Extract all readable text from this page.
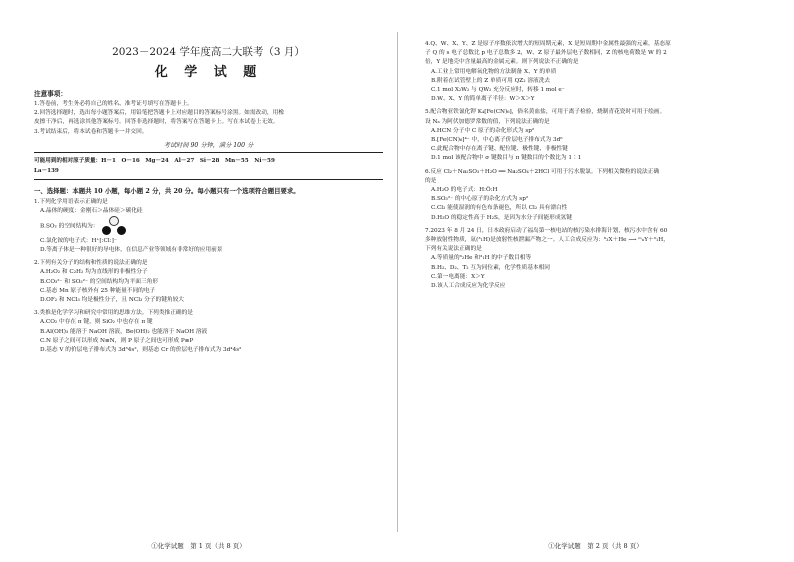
2023－2024 学年度高二大联考（3 月）
化 学 试 题
注意事项：
1.答卷前，考生务必将自己的姓名、准考证号填写在答题卡上。
2.回答选择题时，选出每小题答案后，用铅笔把答题卡上对应题目的答案标号涂黑。如需改动，用橡
皮擦干净后，再选涂其他答案标号。回答非选择题时，将答案写在答题卡上。写在本试卷上无效。
3.考试结束后，将本试卷和答题卡一并交回。
考试时间 90 分钟，满分 100 分
可能用到的相对原子质量：H－1　O－16　Mg－24　Al－27　Si－28　Mn－55　Ni－59
La－139
一、选择题：本题共 10 小题，每小题 2 分，共 20 分。每小题只有一个选项符合题目要求。
1.下列化学用语表示正确的是
A.晶体的硬度：金刚石＞晶体硅＞碳化硅
B.SO₂ 的空间结构为：
C.氯化铵的电子式：H⁺[:Cl:]⁻
D.等离子体是一种很好的导电体，在信息产业等领域有非常好的应用前景
2.下列有关分子的结构和性质的说法正确的是
A.H₂O₂ 和 C₂H₂ 均为直线形的非极性分子
B.CO₃²⁻ 和 SO₃²⁻ 的空间结构均为平面三角形
C.基态 Mn 原子核外有 25 种能量不同的电子
D.OF₂ 和 NCl₃ 均是极性分子，且 NCl₃ 分子的键角较大
3.类推是化学学习和研究中常用的思维方法。下列类推正确的是
A.CO₂ 中存在 π 键，则 SiO₂ 中也存在 π 键
B.Al(OH)₃ 能溶于 NaOH 溶液，Be(OH)₂ 也能溶于 NaOH 溶液
C.N 原子之间可以形成 N≡N，则 P 原子之间也可形成 P≡P
D.基态 V 的价层电子排布式为 3d³4s²，则基态 Cr 的价层电子排布式为 3d⁴4s²
①化学试题　第 1 页（共 8 页）
4.Q、W、X、Y、Z 是原子序数依次增大的短周期元素，X 是短周期中金属性最强的元素，基态原
子 Q 的 s 电子总数比 p 电子总数多 2，W、Z 原子最外层电子数相同，Z 的核电荷数是 W 的 2
倍，Y 是地壳中含量最高的金属元素。则下列说法不正确的是
A.工业上常用电解氧化物的方法制备 X、Y 的单质
B.附着在试管壁上的 Z 单质可用 QZ₂ 溶液洗去
C.1 mol X₂W₂ 与 QW₂ 充分反应时，转移 1 mol e⁻
D.W、X、Y 的简单离子半径：W＞X＞Y
5.配合物亚铁氰化钾 K₄[Fe(CN)₆]，俗名黄血盐，可用于离子检验，烧制青花瓷时可用于绘画。
设 Nₐ 为阿伏加德罗常数的值，下列说法正确的是
A.HCN 分子中 C 原子的杂化形式为 sp²
B.[Fe(CN)₆]⁴⁻ 中，中心离子价层电子排布式为 3d⁶
C.此配合物中存在离子键、配位键、极性键、非极性键
D.1 mol 该配合物中 σ 键数目与 π 键数目的个数比为 1∶1
6.反应 Cl₂＋Na₂SO₃＋H₂O ══ Na₂SO₄＋2HCl 可用于污水脱氯。下列相关微粒的说法正确
的是
A.H₂O 的电子式：H:Ö:H
B.SO₃²⁻ 的中心原子的杂化方式为 sp²
C.Cl₂ 能使湿润的有色布条褪色，所以 Cl₂ 具有漂白性
D.H₂O 的稳定性高于 H₂S，是因为水分子间能形成氢键
7.2023 年 8 月 24 日，日本政府启动了福岛第一核电站的核污染水排海计划，核污水中含有 60
多种放射性物质，氚(³₁H)是放射性核泄漏产物之一。人工合成反应为：⁶₃X＋He ⟶ ᵐₙY＋³₁H，
下列有关说法正确的是
A.等质量的³₂He 和³₁H 的中子数目相等
B.H₂、D₂、T₂ 互为同位素，化学性质基本相同
C.第一电离能：X＞Y
D.该人工合成反应为化学反应
①化学试题　第 2 页（共 8 页）
